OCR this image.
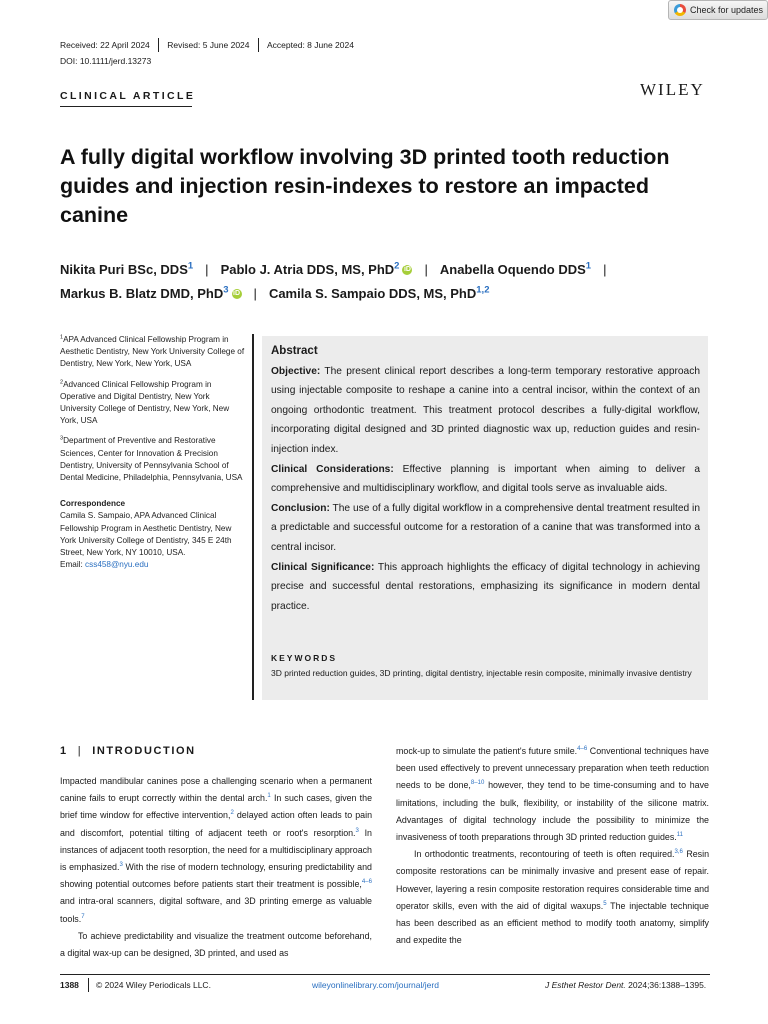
Check for updates
Received: 22 April 2024 Revised: 5 June 2024 Accepted: 8 June 2024
DOI: 10.1111/jerd.13273
CLINICAL ARTICLE	WILEY
A fully digital workflow involving 3D printed tooth reduction guides and injection resin-indexes to restore an impacted canine
Nikita Puri BSc, DDS$^1$ | Pablo J. Atria DDS, MS, PhD$^2$ iD | Anabella Oquendo DDS$^1$ |
Markus B. Blatz DMD, PhD$^3$ iD | Camila S. Sampaio DDS, MS, PhD$^{1,2}$

$^1$APA Advanced Clinical Fellowship Program in Aesthetic Dentistry, New York University College of Dentistry, New York, New York, USA

$^2$Advanced Clinical Fellowship Program in Operative and Digital Dentistry, New York University College of Dentistry, New York, New York, USA

$^3$Department of Preventive and Restorative Sciences, Center for Innovation & Precision Dentistry, University of Pennsylvania School of Dental Medicine, Philadelphia, Pennsylvania, USA

Correspondence

Camila S. Sampaio, APA Advanced Clinical Fellowship Program in Aesthetic Dentistry, New York University College of Dentistry, 345 E 24th Street, New York, NY 10010, USA.
Email: css458@nyu.edu

Abstract

Objective: The present clinical report describes a long-term temporary restorative approach using injectable composite to reshape a canine into a central incisor, within the context of an ongoing orthodontic treatment. This treatment protocol describes a fully-digital workflow, incorporating digital designed and 3D printed diagnostic wax up, reduction guides and resin-injection index.

Clinical Considerations: Effective planning is important when aiming to deliver a comprehensive and multidisciplinary workflow, and digital tools serve as invaluable aids.

Conclusion: The use of a fully digital workflow in a comprehensive dental treatment resulted in a predictable and successful outcome for a restoration of a canine that was transformed into a central incisor.

Clinical Significance: This approach highlights the efficacy of digital technology in achieving precise and successful dental restorations, emphasizing its significance in modern dental practice.

KEYWORDS
3D printed reduction guides, 3D printing, digital dentistry, injectable resin composite, minimally invasive dentistry
1 | INTRODUCTION

Impacted mandibular canines pose a challenging scenario when a permanent canine fails to erupt correctly within the dental arch.$^1$ In such cases, given the brief time window for effective intervention,$^2$ delayed action often leads to pain and discomfort, potential tilting of adjacent teeth or root's resorption.$^3$ In instances of adjacent tooth resorption, the need for a multidisciplinary approach is emphasized.$^3$ With the rise of modern technology, ensuring predictability and showing potential outcomes before patients start their treatment is possible,$^{4-6}$ and intra-oral scanners, digital software, and 3D printing emerge as valuable tools.$^7$

To achieve predictability and visualize the treatment outcome beforehand, a digital wax-up can be designed, 3D printed, and used as

mock-up to simulate the patient's future smile.$^{4-6}$ Conventional techniques have been used effectively to prevent unnecessary preparation when teeth reduction needs to be done,$^{8-10}$ however, they tend to be time-consuming and to have limitations, including the bulk, flexibility, or instability of the silicone matrix. Advantages of digital technology include the possibility to minimize the invasiveness of tooth preparations through 3D printed reduction guides.$^{11}$

In orthodontic treatments, recontouring of teeth is often required.$^{3,6}$ Resin composite restorations can be minimally invasive and present ease of repair. However, layering a resin composite restoration requires considerable time and operator skills, even with the aid of digital waxups.$^5$ The injectable technique has been described as an efficient method to modify tooth anatomy, simplify and expedite the

1388 © 2024 Wiley Periodicals LLC.	wileyonlinelibrary.com/journal/jerd	J Esthet Restor Dent. 2024;36:1388–1395.
